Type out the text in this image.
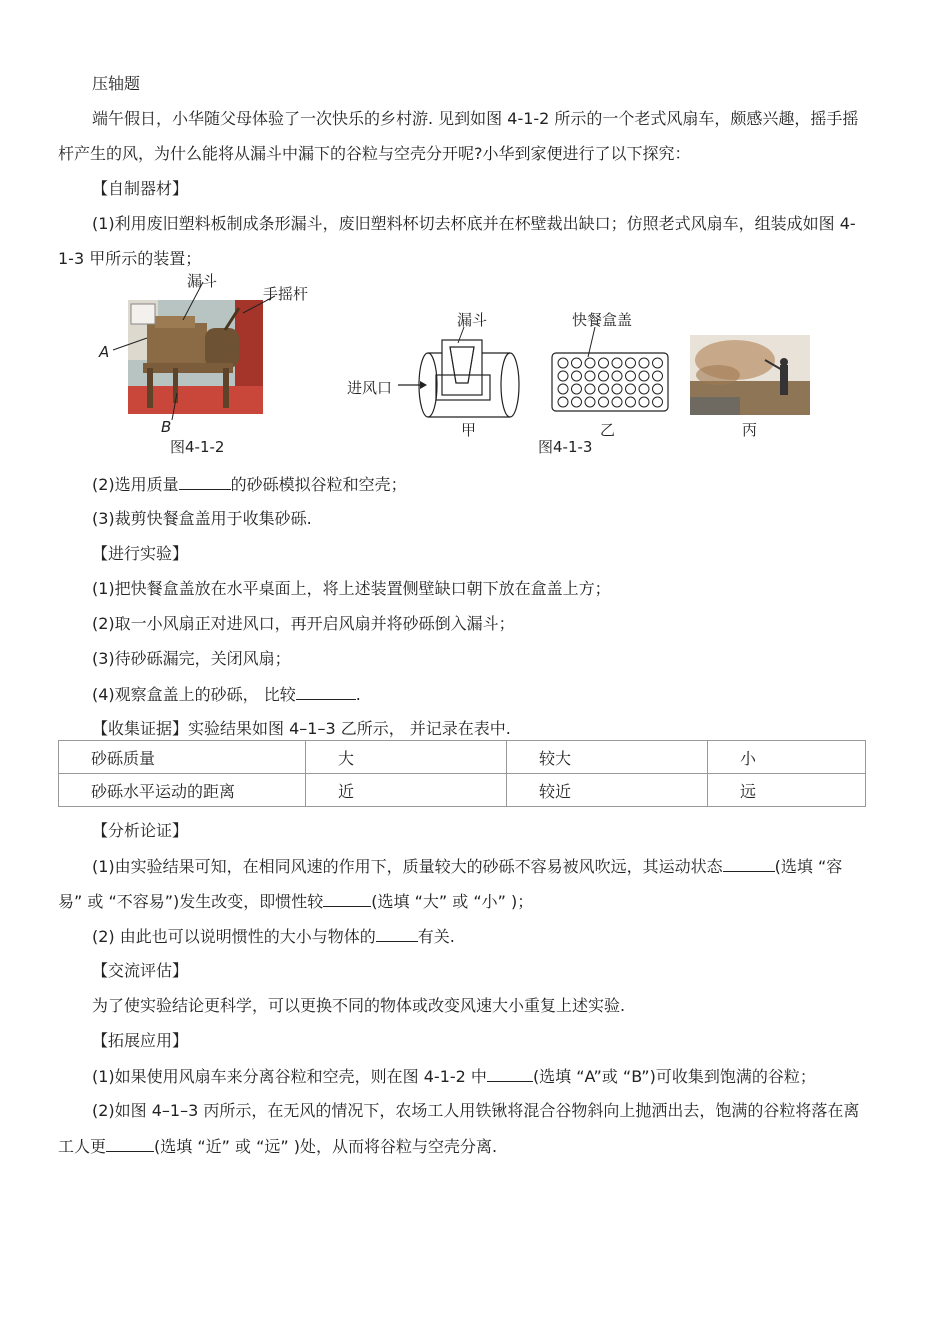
压轴题
端午假日，小华随父母体验了一次快乐的乡村游. 见到如图 4-1-2 所示的一个老式风扇车，颇感兴趣，摇手摇
杆产生的风，为什么能将从漏斗中漏下的谷粒与空壳分开呢?小华到家便进行了以下探究：
【自制器材】
(1)利用废旧塑料板制成条形漏斗，废旧塑料杯切去杯底并在杯壁裁出缺口；仿照老式风扇车，组装成如图 4-
1-3 甲所示的装置；
漏斗
手摇杆
A
B
图4-1-2
漏斗
进风口
甲
快餐盒盖
乙	丙
图4-1-3
(2)选用质量	的砂砾模拟谷粒和空壳；
(3)裁剪快餐盒盖用于收集砂砾.
【进行实验】
(1)把快餐盒盖放在水平桌面上，将上述装置侧壁缺口朝下放在盒盖上方；
(2)取一小风扇正对进风口，再开启风扇并将砂砾倒入漏斗；
(3)待砂砾漏完，关闭风扇；
(4)观察盒盖上的砂砾， 比较	.
【收集证据】实验结果如图 4–1–3 乙所示， 并记录在表中.
砂砾质量	大	较大	小
砂砾水平运动的距离	近	较近	远
【分析论证】
(1)由实验结果可知，在相同风速的作用下，质量较大的砂砾不容易被风吹远，其运动状态	(选填 “容
易” 或 “不容易”)发生改变，即惯性较	(选填 “大” 或 “小” )；
(2) 由此也可以说明惯性的大小与物体的	有关.
【交流评估】
为了使实验结论更科学，可以更换不同的物体或改变风速大小重复上述实验.
【拓展应用】
(1)如果使用风扇车来分离谷粒和空壳，则在图 4-1-2 中	(选填 “A”或 “B”)可收集到饱满的谷粒；
(2)如图 4–1–3 丙所示，在无风的情况下，农场工人用铁锹将混合谷物斜向上抛洒出去，饱满的谷粒将落在离
工人更	(选填 “近” 或 “远” )处，从而将谷粒与空壳分离.
